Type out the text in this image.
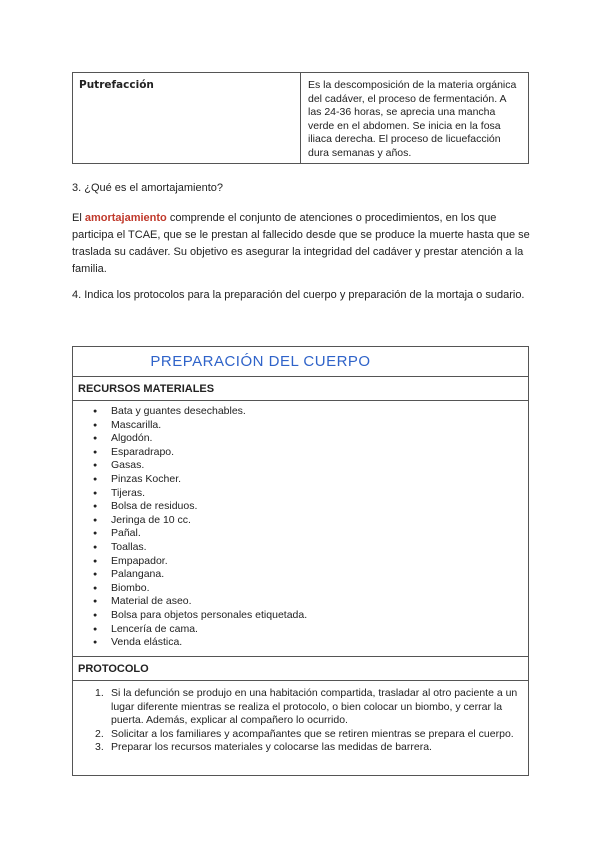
Putrefacción	Es la descomposición de la materia orgánica del cadáver, el proceso de fermentación. A las 24-36 horas, se aprecia una mancha verde en el abdomen. Se inicia en la fosa iliaca derecha. El proceso de licuefacción dura semanas y años.
3. ¿Qué es el amortajamiento?
El amortajamiento comprende el conjunto de atenciones o procedimientos, en los que participa el TCAE, que se le prestan al fallecido desde que se produce la muerte hasta que se traslada su cadáver. Su objetivo es asegurar la integridad del cadáver y prestar atención a la familia.
4. Indica los protocolos para la preparación del cuerpo y preparación de la mortaja o sudario.
PREPARACIÓN DEL CUERPO
RECURSOS MATERIALES
● Bata y guantes desechables.
● Mascarilla.
● Algodón.
● Esparadrapo.
● Gasas.
● Pinzas Kocher.
● Tijeras.
● Bolsa de residuos.
● Jeringa de 10 cc.
● Pañal.
● Toallas.
● Empapador.
● Palangana.
● Biombo.
● Material de aseo.
● Bolsa para objetos personales etiquetada.
● Lencería de cama.
● Venda elástica.
PROTOCOLO
1. Si la defunción se produjo en una habitación compartida, trasladar al otro paciente a un lugar diferente mientras se realiza el protocolo, o bien colocar un biombo, y cerrar la puerta. Además, explicar al compañero lo ocurrido.
2. Solicitar a los familiares y acompañantes que se retiren mientras se prepara el cuerpo.
3. Preparar los recursos materiales y colocarse las medidas de barrera.
